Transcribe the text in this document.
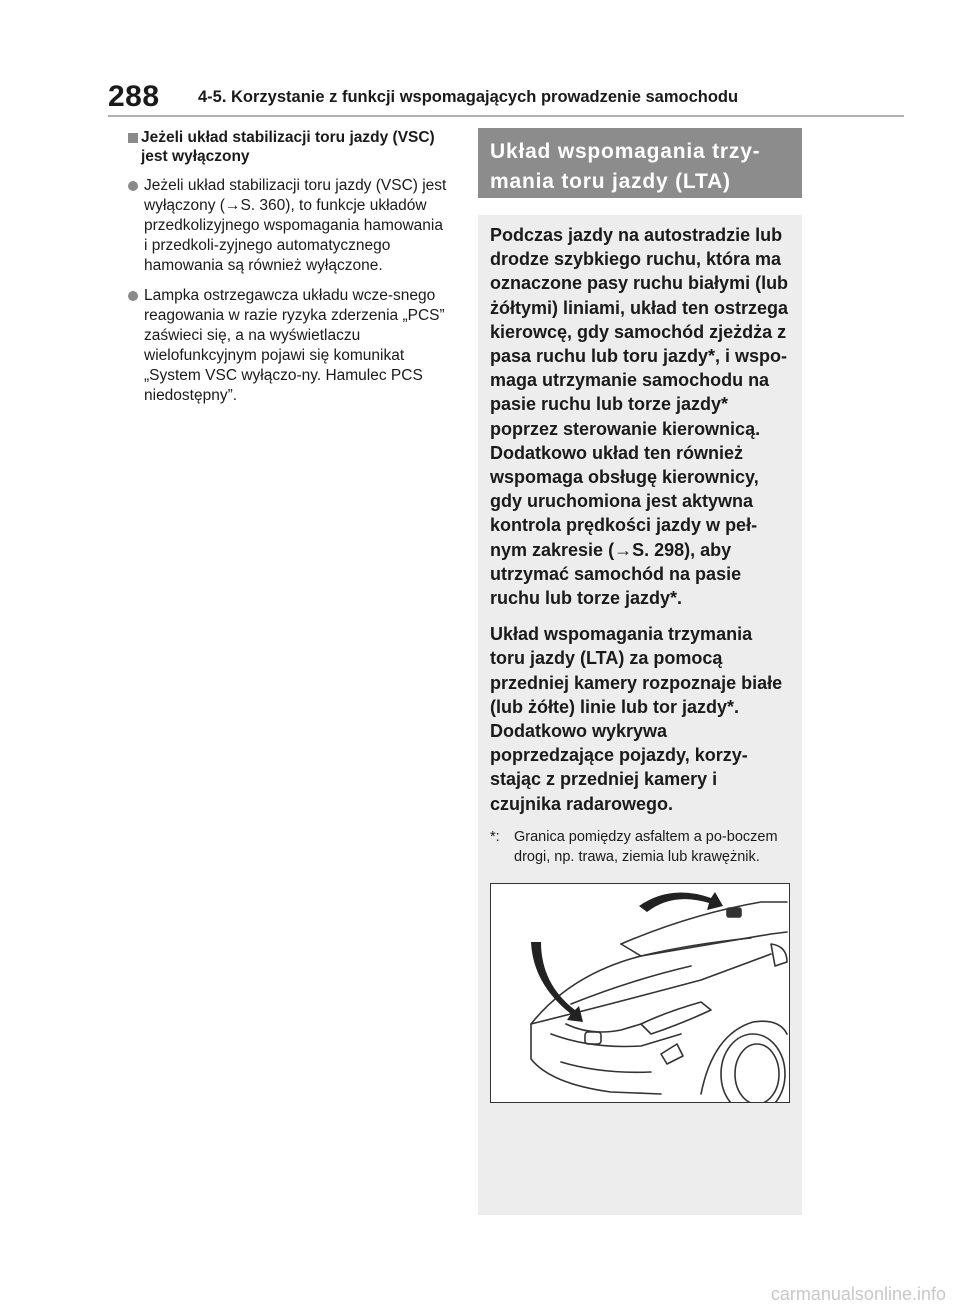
288 4-5. Korzystanie z funkcji wspomagających prowadzenie samochodu
Jeżeli układ stabilizacji toru jazdy (VSC) jest wyłączony
Jeżeli układ stabilizacji toru jazdy (VSC) jest wyłączony (→S. 360), to funkcje układów przedkolizyjnego wspomagania hamowania i przedkoli-zyjnego automatycznego hamowania są również wyłączone.
Lampka ostrzegawcza układu wcze-snego reagowania w razie ryzyka zderzenia „PCS” zaświeci się, a na wyświetlaczu wielofunkcyjnym pojawi się komunikat „System VSC wyłączo-ny. Hamulec PCS niedostępny”.
Układ wspomagania trzy-mania toru jazdy (LTA)

Podczas jazdy na autostradzie lub drodze szybkiego ruchu, która ma oznaczone pasy ruchu białymi (lub żółtymi) liniami, układ ten ostrzega kierowcę, gdy samochód zjeżdża z pasa ruchu lub toru jazdy*, i wspo-maga utrzymanie samochodu na pasie ruchu lub torze jazdy* poprzez sterowanie kierownicą. Dodatkowo układ ten również wspomaga obsługę kierownicy, gdy uruchomiona jest aktywna kontrola prędkości jazdy w peł-nym zakresie (→S. 298), aby utrzymać samochód na pasie ruchu lub torze jazdy*.

Układ wspomagania trzymania toru jazdy (LTA) za pomocą przedniej kamery rozpoznaje białe (lub żółte) linie lub tor jazdy*. Dodatkowo wykrywa poprzedzające pojazdy, korzy-stając z przedniej kamery i czujnika radarowego.

*: Granica pomiędzy asfaltem a po-boczem drogi, np. trawa, ziemia lub krawężnik.
carmanualsonline.info
